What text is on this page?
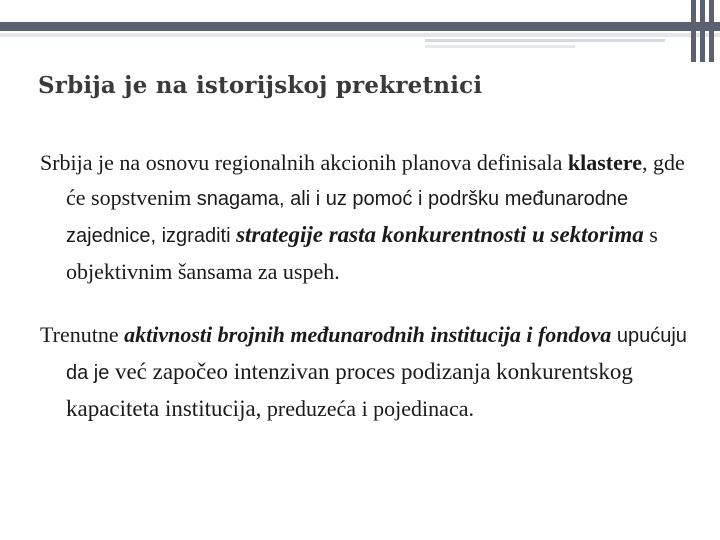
Srbija je na istorijskoj prekretnici

Srbija je na osnovu regionalnih akcionih planova definisala klastere, gde će sopstvenim snagama, ali i uz pomoć i podršku međunarodne zajednice, izgraditi strategije rasta konkurentnosti u sektorima s objektivnim šansama za uspeh.

Trenutne aktivnosti brojnih međunarodnih institucija i fondova upućuju da je već započeo intenzivan proces podizanja konkurentskog kapaciteta institucija, preduzeća i pojedinaca.
